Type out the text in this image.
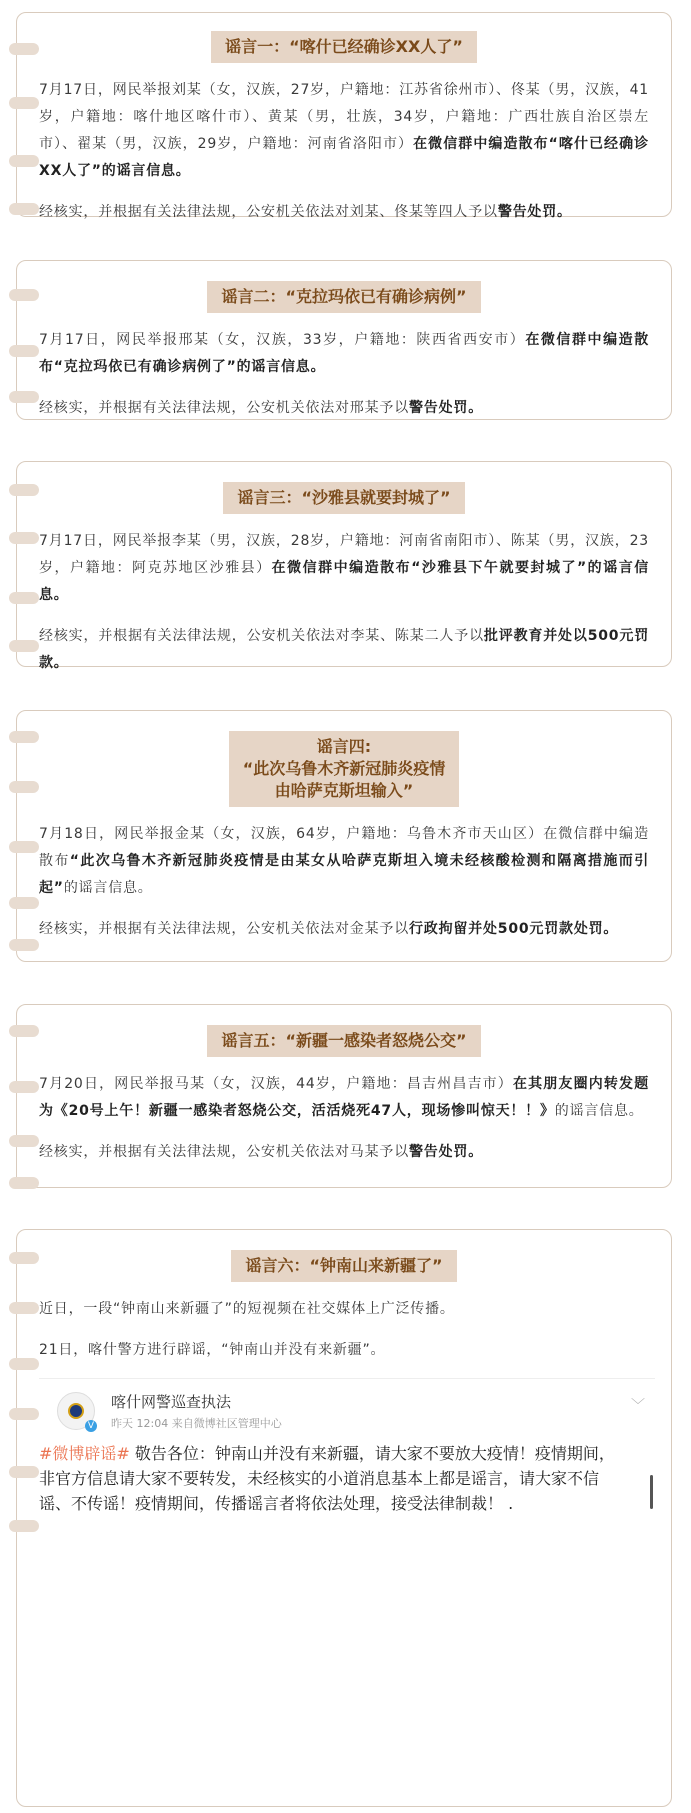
谣言一：“喀什已经确诊XX人了”
7月17日，网民举报刘某（女，汉族，27岁，户籍地：江苏省徐州市）、佟某（男，汉族，41岁，户籍地：喀什地区喀什市）、黄某（男，壮族，34岁，户籍地：广西壮族自治区崇左市）、翟某（男，汉族，29岁，户籍地：河南省洛阳市）在微信群中编造散布“喀什已经确诊XX人了”的谣言信息。
经核实，并根据有关法律法规，公安机关依法对刘某、佟某等四人予以警告处罚。
谣言二：“克拉玛依已有确诊病例”
7月17日，网民举报邢某（女，汉族，33岁，户籍地：陕西省西安市）在微信群中编造散布“克拉玛依已有确诊病例了”的谣言信息。
经核实，并根据有关法律法规，公安机关依法对邢某予以警告处罚。
谣言三：“沙雅县就要封城了”
7月17日，网民举报李某（男，汉族，28岁，户籍地：河南省南阳市）、陈某（男，汉族，23岁，户籍地：阿克苏地区沙雅县）在微信群中编造散布“沙雅县下午就要封城了”的谣言信息。
经核实，并根据有关法律法规，公安机关依法对李某、陈某二人予以批评教育并处以500元罚款。
谣言四:
“此次乌鲁木齐新冠肺炎疫情
由哈萨克斯坦输入”
7月18日，网民举报金某（女，汉族，64岁，户籍地：乌鲁木齐市天山区）在微信群中编造散布“此次乌鲁木齐新冠肺炎疫情是由某女从哈萨克斯坦入境未经核酸检测和隔离措施而引起”的谣言信息。
经核实，并根据有关法律法规，公安机关依法对金某予以行政拘留并处500元罚款处罚。
谣言五：“新疆一感染者怒烧公交”
7月20日，网民举报马某（女，汉族，44岁，户籍地：昌吉州昌吉市）在其朋友圈内转发题为《20号上午！新疆一感染者怒烧公交，活活烧死47人，现场惨叫惊天！！》的谣言信息。
经核实，并根据有关法律法规，公安机关依法对马某予以警告处罚。
谣言六：“钟南山来新疆了”
近日，一段“钟南山来新疆了”的短视频在社交媒体上广泛传播。
21日，喀什警方进行辟谣，“钟南山并没有来新疆”。
V
喀什网警巡查执法
昨天 12:04 来自微博社区管理中心
﹀
#微博辟谣# 敬告各位：钟南山并没有来新疆，请大家不要放大疫情！疫情期间，非官方信息请大家不要转发，未经核实的小道消息基本上都是谣言，请大家不信谣、不传谣！疫情期间，传播谣言者将依法处理，接受法律制裁！ .
